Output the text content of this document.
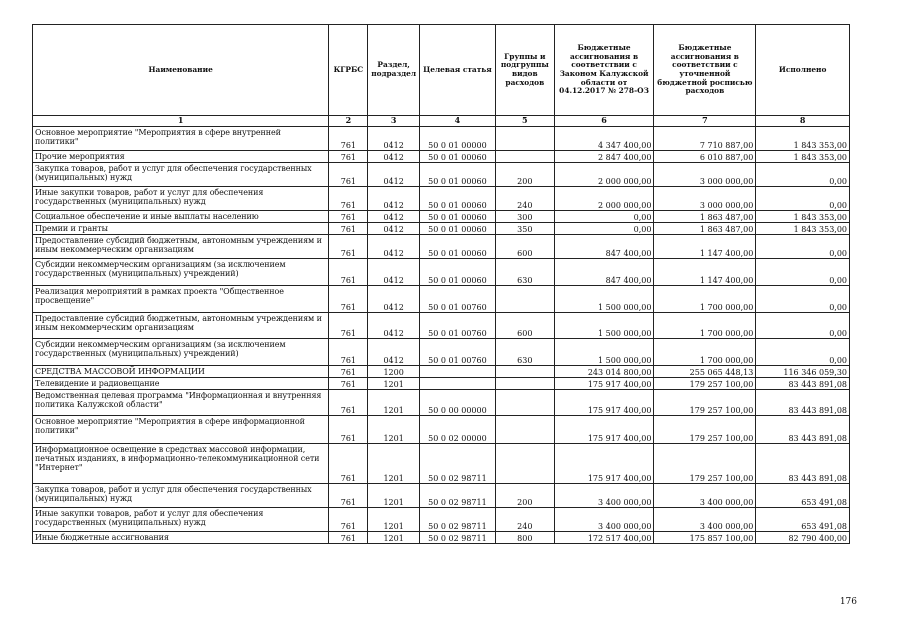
Наименование	КГРБС	Раздел, подраздел	Целевая статья	Группы и подгруппы видов расходов	Бюджетные ассигнования в соответствии с Законом Калужской области от 04.12.2017 № 278-ОЗ	Бюджетные ассигнования в соответствии с уточненной бюджетной росписью расходов	Исполнено
1	2	3	4	5	6	7	8
Основное мероприятие "Мероприятия в сфере внутренней политики"	761	0412	50 0 01 00000		4 347 400,00	7 710 887,00	1 843 353,00
Прочие мероприятия	761	0412	50 0 01 00060		2 847 400,00	6 010 887,00	1 843 353,00
Закупка товаров, работ и услуг для обеспечения государственных (муниципальных) нужд	761	0412	50 0 01 00060	200	2 000 000,00	3 000 000,00	0,00
Иные закупки товаров, работ и услуг для обеспечения государственных (муниципальных) нужд	761	0412	50 0 01 00060	240	2 000 000,00	3 000 000,00	0,00
Социальное обеспечение и иные выплаты населению	761	0412	50 0 01 00060	300	0,00	1 863 487,00	1 843 353,00
Премии и гранты	761	0412	50 0 01 00060	350	0,00	1 863 487,00	1 843 353,00
Предоставление субсидий бюджетным, автономным учреждениям и иным некоммерческим организациям	761	0412	50 0 01 00060	600	847 400,00	1 147 400,00	0,00
Субсидии некоммерческим организациям (за исключением государственных (муниципальных) учреждений)	761	0412	50 0 01 00060	630	847 400,00	1 147 400,00	0,00
Реализация мероприятий в рамках проекта "Общественное просвещение"	761	0412	50 0 01 00760		1 500 000,00	1 700 000,00	0,00
Предоставление субсидий бюджетным, автономным учреждениям и иным некоммерческим организациям	761	0412	50 0 01 00760	600	1 500 000,00	1 700 000,00	0,00
Субсидии некоммерческим организациям (за исключением государственных (муниципальных) учреждений)	761	0412	50 0 01 00760	630	1 500 000,00	1 700 000,00	0,00
СРЕДСТВА МАССОВОЙ ИНФОРМАЦИИ	761	1200			243 014 800,00	255 065 448,13	116 346 059,30
Телевидение и радиовещание	761	1201			175 917 400,00	179 257 100,00	83 443 891,08
Ведомственная целевая программа "Информационная и внутренняя политика Калужской области"	761	1201	50 0 00 00000		175 917 400,00	179 257 100,00	83 443 891,08
Основное мероприятие "Мероприятия в сфере информационной политики"	761	1201	50 0 02 00000		175 917 400,00	179 257 100,00	83 443 891,08
Информационное освещение в средствах массовой информации, печатных изданиях, в информационно-телекоммуникационной сети "Интернет"	761	1201	50 0 02 98711		175 917 400,00	179 257 100,00	83 443 891,08
Закупка товаров, работ и услуг для обеспечения государственных (муниципальных) нужд	761	1201	50 0 02 98711	200	3 400 000,00	3 400 000,00	653 491,08
Иные закупки товаров, работ и услуг для обеспечения государственных (муниципальных) нужд	761	1201	50 0 02 98711	240	3 400 000,00	3 400 000,00	653 491,08
Иные бюджетные ассигнования	761	1201	50 0 02 98711	800	172 517 400,00	175 857 100,00	82 790 400,00
176
